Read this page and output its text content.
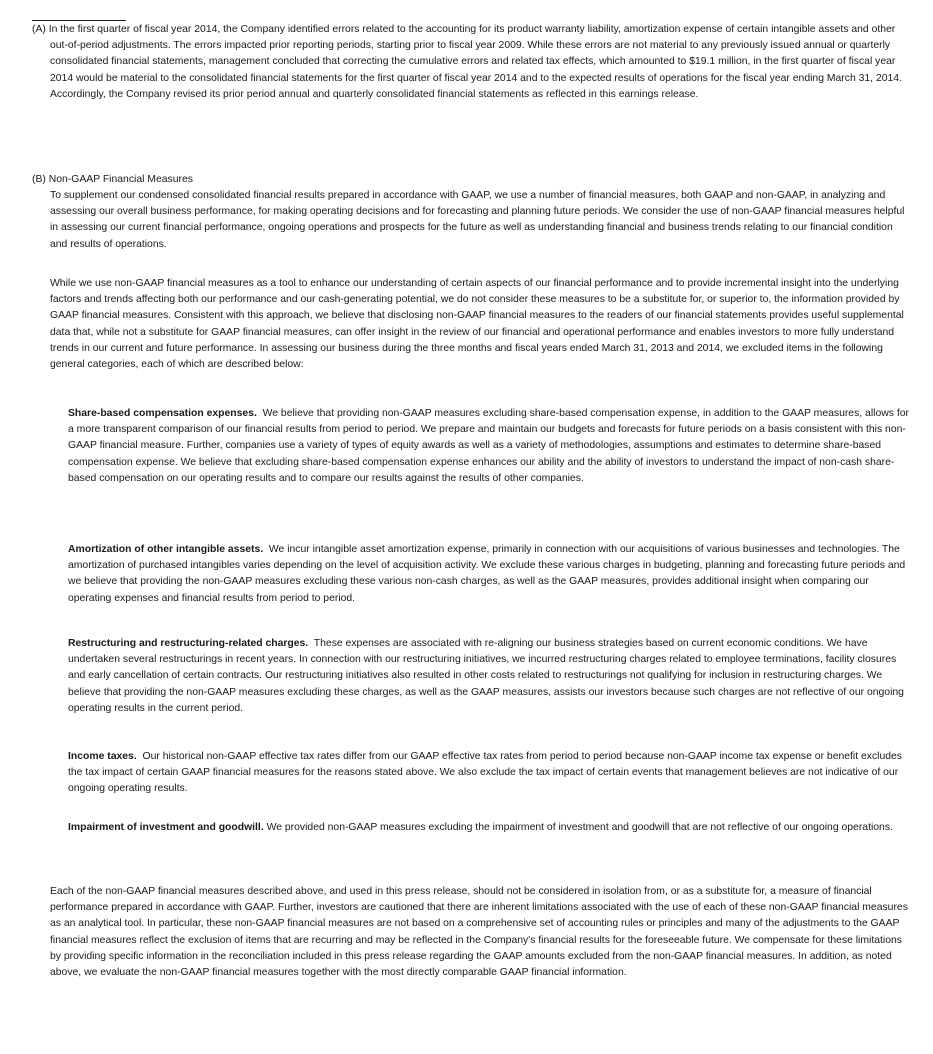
(A) In the first quarter of fiscal year 2014, the Company identified errors related to the accounting for its product warranty liability, amortization expense of certain intangible assets and other out-of-period adjustments. The errors impacted prior reporting periods, starting prior to fiscal year 2009. While these errors are not material to any previously issued annual or quarterly consolidated financial statements, management concluded that correcting the cumulative errors and related tax effects, which amounted to $19.1 million, in the first quarter of fiscal year 2014 would be material to the consolidated financial statements for the first quarter of fiscal year 2014 and to the expected results of operations for the fiscal year ending March 31, 2014. Accordingly, the Company revised its prior period annual and quarterly consolidated financial statements as reflected in this earnings release.

(B) Non-GAAP Financial Measures

To supplement our condensed consolidated financial results prepared in accordance with GAAP, we use a number of financial measures, both GAAP and non-GAAP, in analyzing and assessing our overall business performance, for making operating decisions and for forecasting and planning future periods. We consider the use of non-GAAP financial measures helpful in assessing our current financial performance, ongoing operations and prospects for the future as well as understanding financial and business trends relating to our financial condition and results of operations.

While we use non-GAAP financial measures as a tool to enhance our understanding of certain aspects of our financial performance and to provide incremental insight into the underlying factors and trends affecting both our performance and our cash-generating potential, we do not consider these measures to be a substitute for, or superior to, the information provided by GAAP financial measures. Consistent with this approach, we believe that disclosing non-GAAP financial measures to the readers of our financial statements provides useful supplemental data that, while not a substitute for GAAP financial measures, can offer insight in the review of our financial and operational performance and enables investors to more fully understand trends in our current and future performance. In assessing our business during the three months and fiscal years ended March 31, 2013 and 2014, we excluded items in the following general categories, each of which are described below:

Share-based compensation expenses. We believe that providing non-GAAP measures excluding share-based compensation expense, in addition to the GAAP measures, allows for a more transparent comparison of our financial results from period to period. We prepare and maintain our budgets and forecasts for future periods on a basis consistent with this non-GAAP financial measure. Further, companies use a variety of types of equity awards as well as a variety of methodologies, assumptions and estimates to determine share-based compensation expense. We believe that excluding share-based compensation expense enhances our ability and the ability of investors to understand the impact of non-cash share-based compensation on our operating results and to compare our results against the results of other companies.

Amortization of other intangible assets. We incur intangible asset amortization expense, primarily in connection with our acquisitions of various businesses and technologies. The amortization of purchased intangibles varies depending on the level of acquisition activity. We exclude these various charges in budgeting, planning and forecasting future periods and we believe that providing the non-GAAP measures excluding these various non-cash charges, as well as the GAAP measures, provides additional insight when comparing our operating expenses and financial results from period to period.

Restructuring and restructuring-related charges. These expenses are associated with re-aligning our business strategies based on current economic conditions. We have undertaken several restructurings in recent years. In connection with our restructuring initiatives, we incurred restructuring charges related to employee terminations, facility closures and early cancellation of certain contracts. Our restructuring initiatives also resulted in other costs related to restructurings not qualifying for inclusion in restructuring charges. We believe that providing the non-GAAP measures excluding these charges, as well as the GAAP measures, assists our investors because such charges are not reflective of our ongoing operating results in the current period.

Income taxes. Our historical non-GAAP effective tax rates differ from our GAAP effective tax rates from period to period because non-GAAP income tax expense or benefit excludes the tax impact of certain GAAP financial measures for the reasons stated above. We also exclude the tax impact of certain events that management believes are not indicative of our ongoing operating results.

Impairment of investment and goodwill. We provided non-GAAP measures excluding the impairment of investment and goodwill that are not reflective of our ongoing operations.

Each of the non-GAAP financial measures described above, and used in this press release, should not be considered in isolation from, or as a substitute for, a measure of financial performance prepared in accordance with GAAP. Further, investors are cautioned that there are inherent limitations associated with the use of each of these non-GAAP financial measures as an analytical tool. In particular, these non-GAAP financial measures are not based on a comprehensive set of accounting rules or principles and many of the adjustments to the GAAP financial measures reflect the exclusion of items that are recurring and may be reflected in the Company's financial results for the foreseeable future. We compensate for these limitations by providing specific information in the reconciliation included in this press release regarding the GAAP amounts excluded from the non-GAAP financial measures. In addition, as noted above, we evaluate the non-GAAP financial measures together with the most directly comparable GAAP financial information.
